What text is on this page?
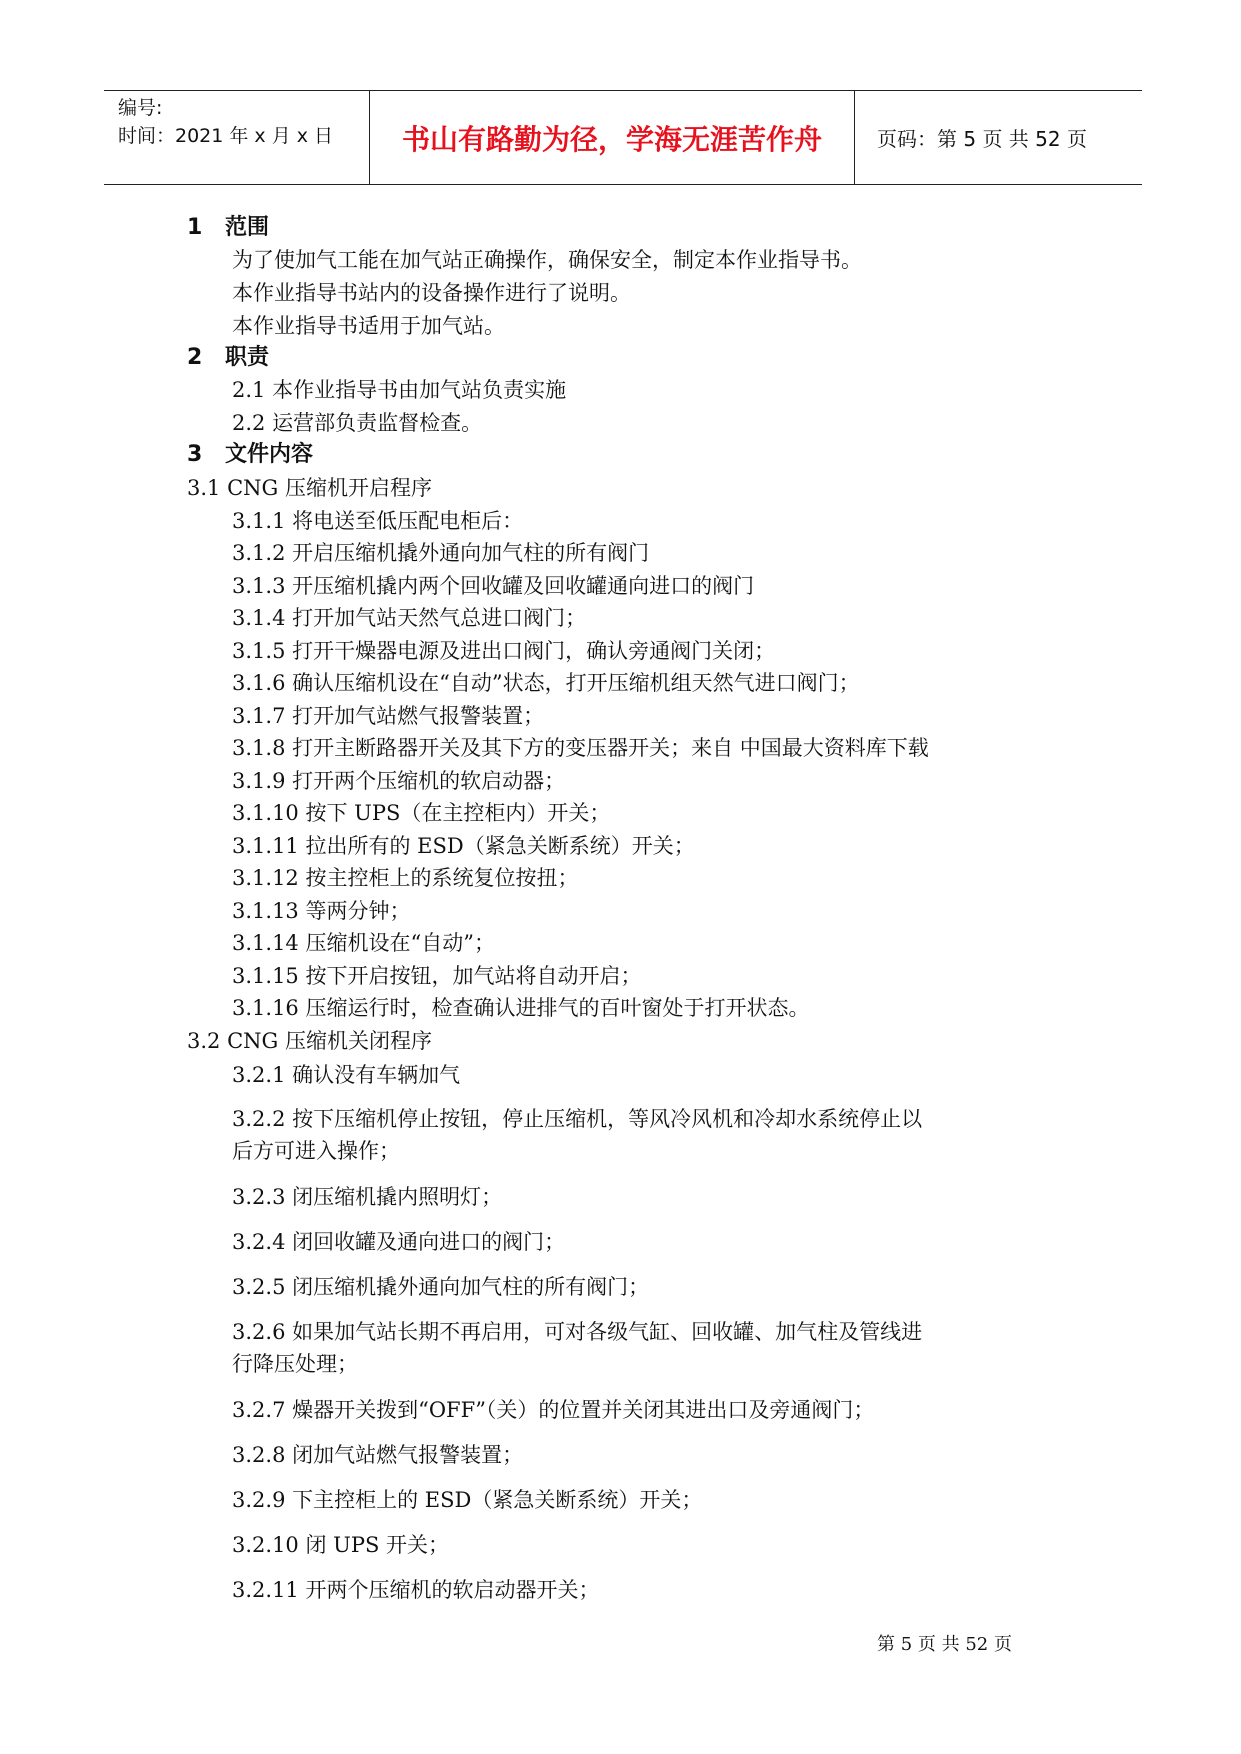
编号:
时间：2021 年 x 月 x 日 书山有路勤为径，学海无涯苦作舟	页码：第 5 页 共 52 页
1 范围
为了使加气工能在加气站正确操作，确保安全，制定本作业指导书。
本作业指导书站内的设备操作进行了说明。
本作业指导书适用于加气站。
2 职责
2.1 本作业指导书由加气站负责实施
2.2 运营部负责监督检查。
3 文件内容
3.1 CNG 压缩机开启程序
3.1.1 将电送至低压配电柜后：
3.1.2 开启压缩机撬外通向加气柱的所有阀门
3.1.3 开压缩机撬内两个回收罐及回收罐通向进口的阀门
3.1.4 打开加气站天然气总进口阀门；
3.1.5 打开干燥器电源及进出口阀门，确认旁通阀门关闭；
3.1.6 确认压缩机设在“自动”状态，打开压缩机组天然气进口阀门；
3.1.7 打开加气站燃气报警装置；
3.1.8 打开主断路器开关及其下方的变压器开关；来自 中国最大资料库下载
3.1.9 打开两个压缩机的软启动器；
3.1.10 按下 UPS（在主控柜内）开关；
3.1.11 拉出所有的 ESD（紧急关断系统）开关；
3.1.12 按主控柜上的系统复位按扭；
3.1.13 等两分钟；
3.1.14 压缩机设在“自动”；
3.1.15 按下开启按钮，加气站将自动开启；
3.1.16 压缩运行时，检查确认进排气的百叶窗处于打开状态。
3.2 CNG 压缩机关闭程序
3.2.1 确认没有车辆加气
3.2.2 按下压缩机停止按钮，停止压缩机，等风冷风机和冷却水系统停止以
后方可进入操作；
3.2.3 闭压缩机撬内照明灯；
3.2.4 闭回收罐及通向进口的阀门；
3.2.5 闭压缩机撬外通向加气柱的所有阀门；
3.2.6 如果加气站长期不再启用，可对各级气缸、回收罐、加气柱及管线进
行降压处理；
3.2.7 燥器开关拨到“OFF”（关）的位置并关闭其进出口及旁通阀门；
3.2.8 闭加气站燃气报警装置；
3.2.9 下主控柜上的 ESD（紧急关断系统）开关；
3.2.10 闭 UPS 开关；
3.2.11 开两个压缩机的软启动器开关；
第 5 页 共 52 页
